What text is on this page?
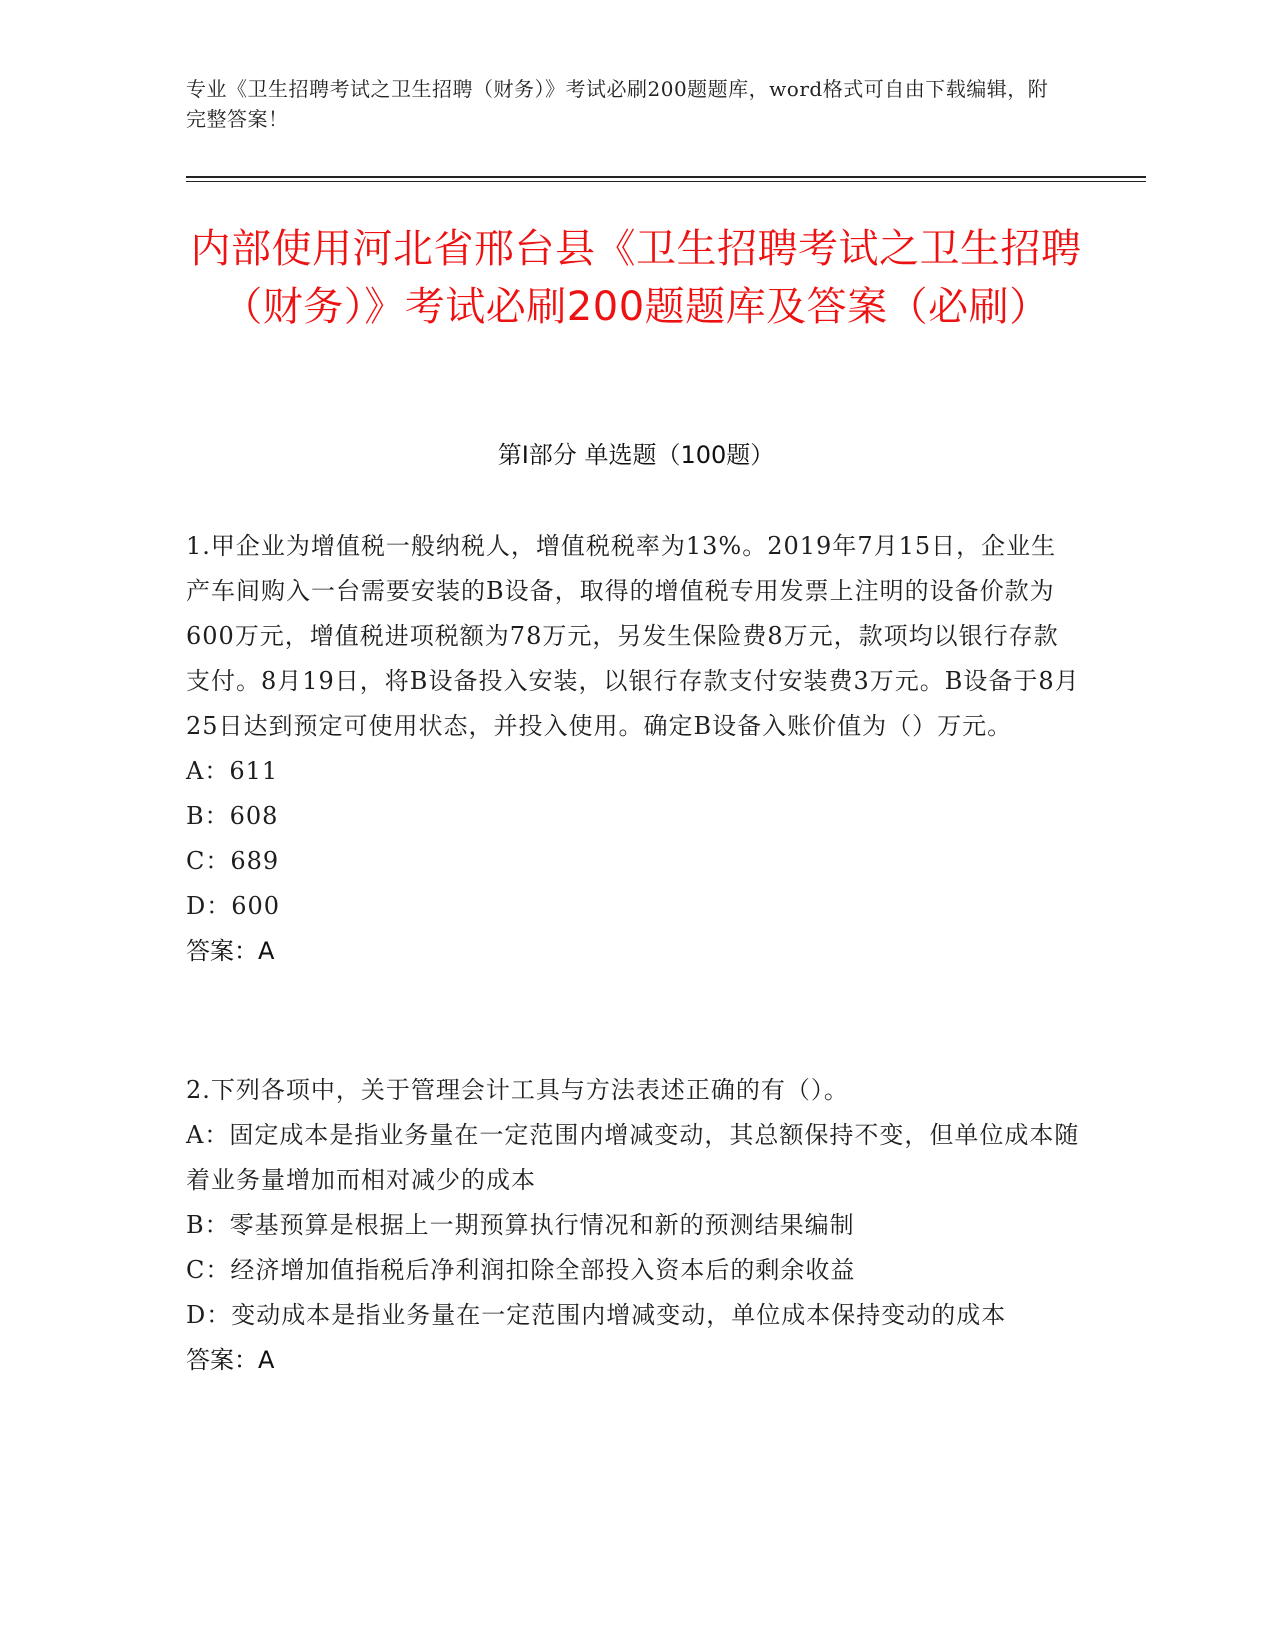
专业《卫生招聘考试之卫生招聘（财务）》考试必刷200题题库，word格式可自由下载编辑，附完整答案！
内部使用河北省邢台县《卫生招聘考试之卫生招聘（财务）》考试必刷200题题库及答案（必刷）
第Ⅰ部分 单选题（100题）

1.甲企业为增值税一般纳税人，增值税税率为13%。2019年7月15日，企业生产车间购入一台需要安装的B设备，取得的增值税专用发票上注明的设备价款为600万元，增值税进项税额为78万元，另发生保险费8万元，款项均以银行存款支付。8月19日，将B设备投入安装，以银行存款支付安装费3万元。B设备于8月25日达到预定可使用状态，并投入使用。确定B设备入账价值为（）万元。

A：611

B：608

C：689

D：600

答案：A

2.下列各项中，关于管理会计工具与方法表述正确的有（）。

A：固定成本是指业务量在一定范围内增减变动，其总额保持不变，但单位成本随着业务量增加而相对减少的成本

B：零基预算是根据上一期预算执行情况和新的预测结果编制

C：经济增加值指税后净利润扣除全部投入资本后的剩余收益

D：变动成本是指业务量在一定范围内增减变动，单位成本保持变动的成本

答案：A
